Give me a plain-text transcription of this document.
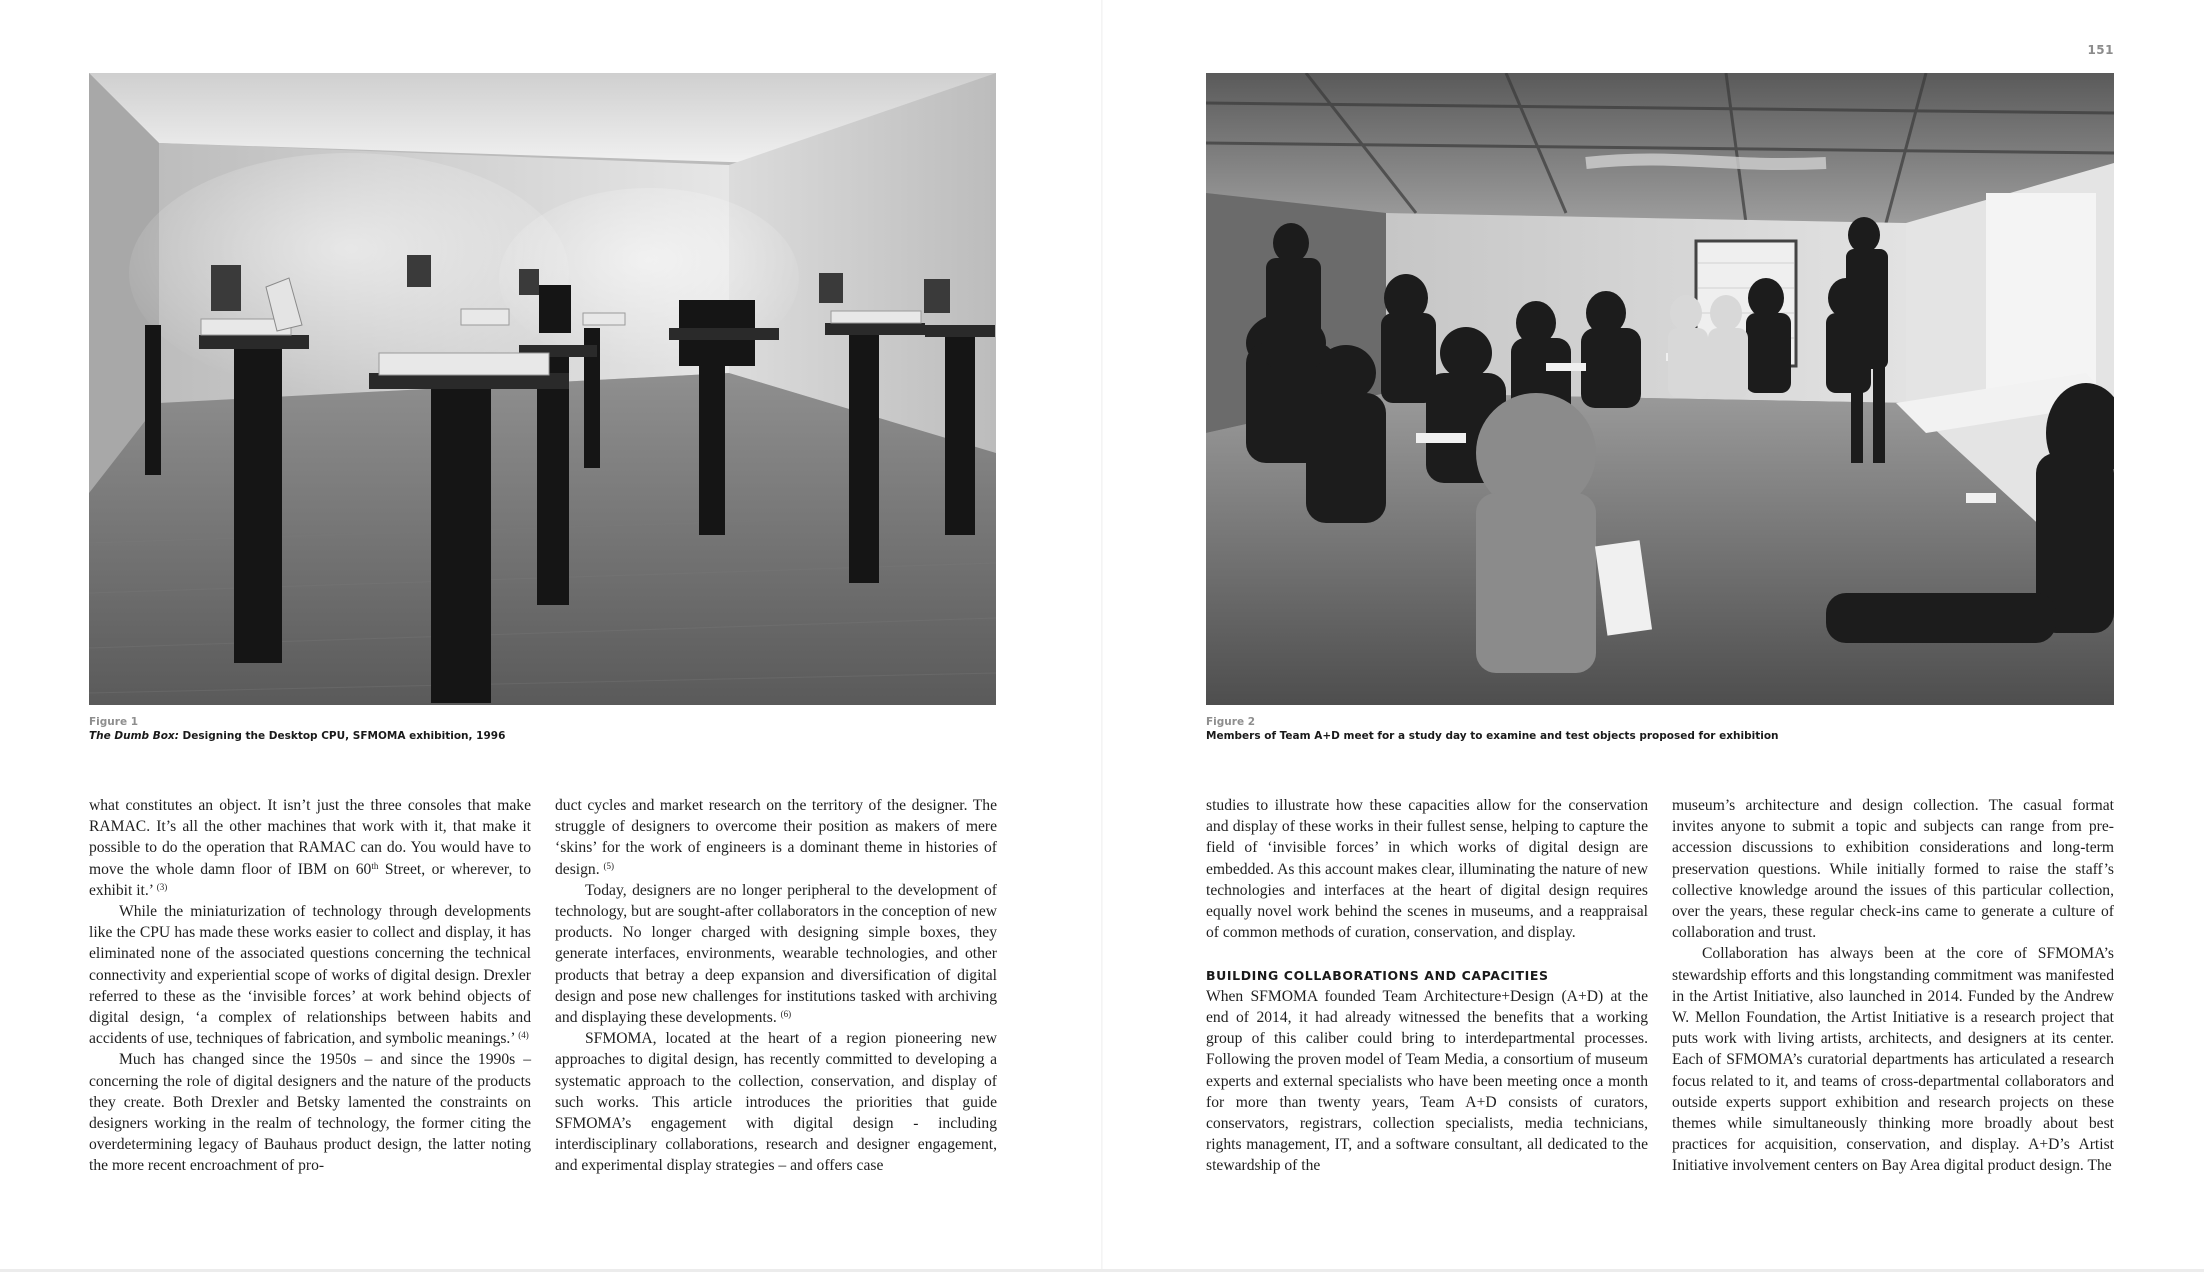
Figure 1
The Dumb Box: Designing the Desktop CPU, SFMOMA exhibition, 1996

what constitutes an object. It isn’t just the three consoles that make RAMAC. It’s all the other machines that work with it, that make it possible to do the operation that RAMAC can do. You would have to move the whole damn floor of IBM on 60th Street, or wherever, to exhibit it.’ $^{(3)}$

While the miniaturization of technology through developments like the CPU has made these works easier to collect and display, it has eliminated none of the associated questions concerning the technical connectivity and experiential scope of works of digital design. Drexler referred to these as the ‘invisible forces’ at work behind objects of digital design, ‘a complex of relationships between habits and accidents of use, techniques of fabrication, and symbolic meanings.’ $^{(4)}$

Much has changed since the 1950s – and since the 1990s – concerning the role of digital designers and the nature of the products they create. Both Drexler and Betsky lamented the constraints on designers working in the realm of technology, the former citing the overdetermining legacy of Bauhaus product design, the latter noting the more recent encroachment of pro-

duct cycles and market research on the territory of the designer. The struggle of designers to overcome their position as makers of mere ‘skins’ for the work of engineers is a dominant theme in histories of design. $^{(5)}$

Today, designers are no longer peripheral to the development of technology, but are sought-after collaborators in the conception of new products. No longer charged with designing simple boxes, they generate interfaces, environments, wearable technologies, and other products that betray a deep expansion and diversification of digital design and pose new challenges for institutions tasked with archiving and displaying these developments. $^{(6)}$

SFMOMA, located at the heart of a region pioneering new approaches to digital design, has recently committed to developing a systematic approach to the collection, conservation, and display of such works. This article introduces the priorities that guide SFMOMA’s engagement with digital design - including interdisciplinary collaborations, research and designer engagement, and experimental display strategies – and offers case

151
Figure 2
Members of Team A+D meet for a study day to examine and test objects proposed for exhibition

studies to illustrate how these capacities allow for the conservation and display of these works in their fullest sense, helping to capture the field of ‘invisible forces’ in which works of digital design are embedded. As this account makes clear, illuminating the nature of new technologies and interfaces at the heart of digital design requires equally novel work behind the scenes in museums, and a reappraisal of common methods of curation, conservation, and display.

BUILDING COLLABORATIONS AND CAPACITIES

When SFMOMA founded Team Architecture+Design (A+D) at the end of 2014, it had already witnessed the benefits that a working group of this caliber could bring to interdepartmental processes. Following the proven model of Team Media, a consortium of museum experts and external specialists who have been meeting once a month for more than twenty years, Team A+D consists of curators, conservators, registrars, collection specialists, media technicians, rights management, IT, and a software consultant, all dedicated to the stewardship of the

museum’s architecture and design collection. The casual format invites anyone to submit a topic and subjects can range from pre-accession discussions to exhibition considerations and long-term preservation questions. While initially formed to raise the staff’s collective knowledge around the issues of this particular collection, over the years, these regular check-ins came to generate a culture of collaboration and trust.

Collaboration has always been at the core of SFMOMA’s stewardship efforts and this longstanding commitment was manifested in the Artist Initiative, also launched in 2014. Funded by the Andrew W. Mellon Foundation, the Artist Initiative is a research project that puts work with living artists, architects, and designers at its center. Each of SFMOMA’s curatorial departments has articulated a research focus related to it, and teams of cross-departmental collaborators and outside experts support exhibition and research projects on these themes while simultaneously thinking more broadly about best practices for acquisition, conservation, and display. A+D’s Artist Initiative involvement centers on Bay Area digital product design. The
